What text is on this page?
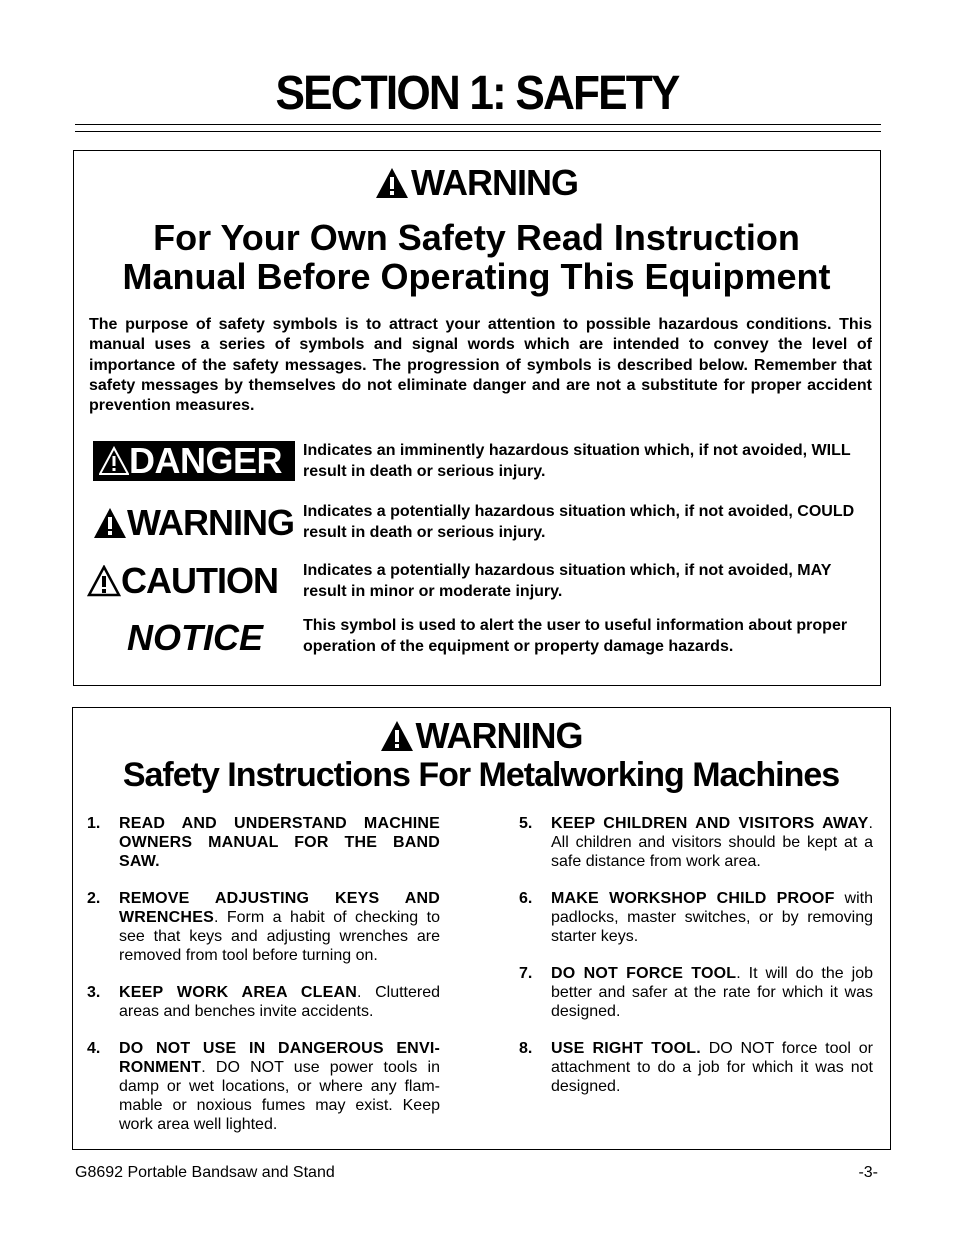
SECTION 1: SAFETY
WARNING
For Your Own Safety Read Instruction
Manual Before Operating This Equipment
The purpose of safety symbols is to attract your attention to possible hazardous conditions. This manual uses a series of symbols and signal words which are intended to convey the level of importance of the safety messages. The progression of symbols is described below. Remember that safety messages by themselves do not eliminate danger and are not a substitute for proper accident prevention measures.
DANGER Indicates an imminently hazardous situation which, if not avoided, WILL result in death or serious injury.
WARNING Indicates a potentially hazardous situation which, if not avoided, COULD result in death or serious injury.
CAUTION Indicates a potentially hazardous situation which, if not avoided, MAY result in minor or moderate injury.
NOTICE This symbol is used to alert the user to useful information about proper operation of the equipment or property damage hazards.
WARNING
Safety Instructions For Metalworking Machines
1.	READ AND UNDERSTAND MACHINE OWNERS MANUAL FOR THE BAND SAW.
2.	REMOVE ADJUSTING KEYS AND WRENCHES. Form a habit of checking to see that keys and adjusting wrenches are removed from tool before turning on.
3.	KEEP WORK AREA CLEAN. Cluttered areas and benches invite accidents.
4.	DO NOT USE IN DANGEROUS ENVI-RONMENT. DO NOT use power tools in damp or wet locations, or where any flam-mable or noxious fumes may exist. Keep work area well lighted.
5.	KEEP CHILDREN AND VISITORS AWAY. All children and visitors should be kept at a safe distance from work area.
6.	MAKE WORKSHOP CHILD PROOF with padlocks, master switches, or by removing starter keys.
7.	DO NOT FORCE TOOL. It will do the job better and safer at the rate for which it was designed.
8.	USE RIGHT TOOL. DO NOT force tool or attachment to do a job for which it was not designed.
G8692 Portable Bandsaw and Stand	-3-
